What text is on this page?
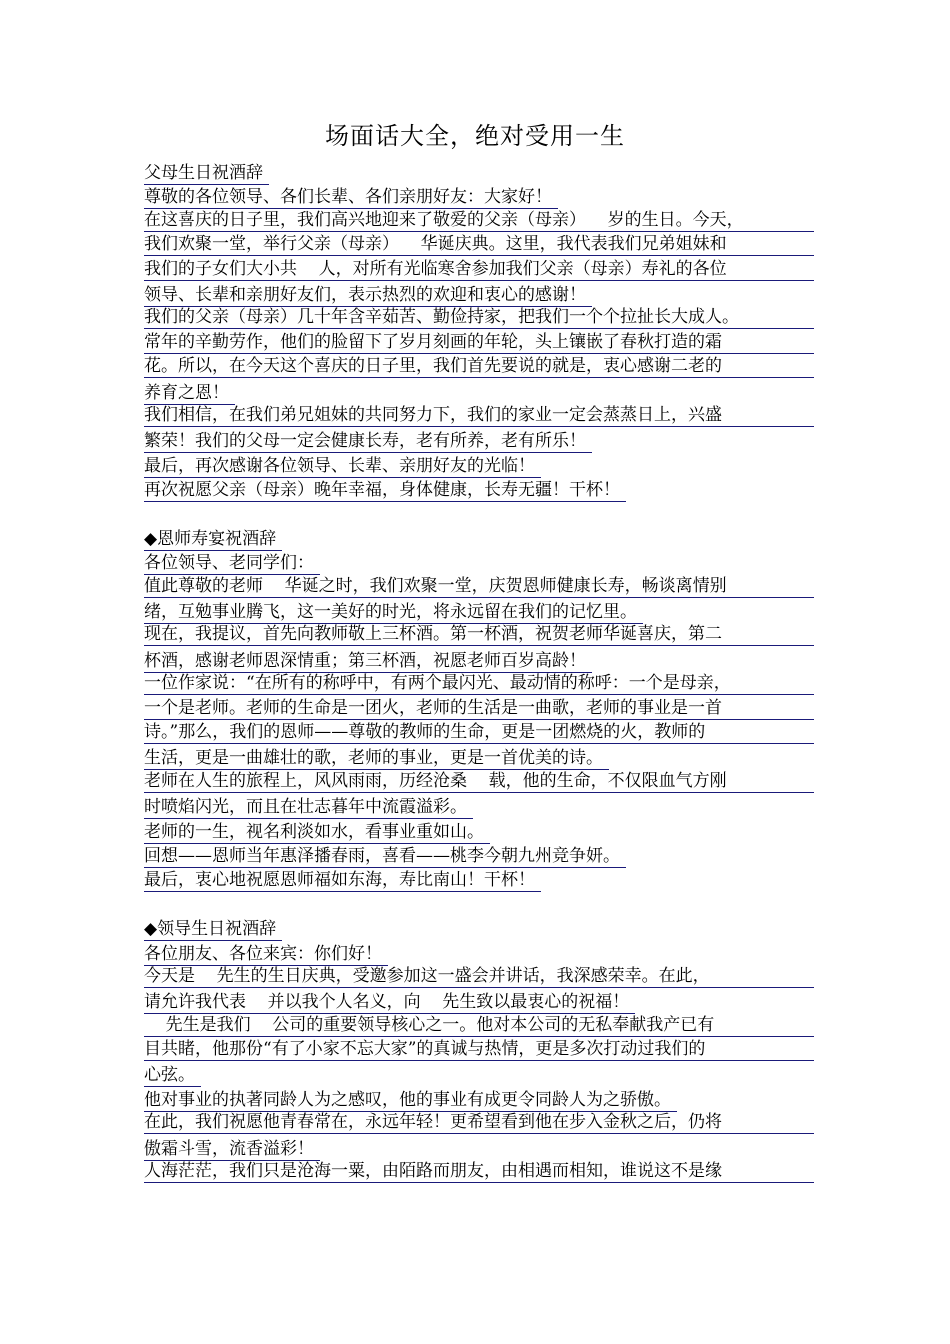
场面话大全，绝对受用一生
父母生日祝酒辞
尊敬的各位领导、各们长辈、各们亲朋好友：大家好！
在这喜庆的日子里，我们高兴地迎来了敬爱的父亲（母亲）    岁的生日。今天，
我们欢聚一堂，举行父亲（母亲）    华诞庆典。这里，我代表我们兄弟姐妹和
我们的子女们大小共    人，对所有光临寒舍参加我们父亲（母亲）寿礼的各位
领导、长辈和亲朋好友们，表示热烈的欢迎和衷心的感谢！
我们的父亲（母亲）几十年含辛茹苦、勤俭持家，把我们一个个拉扯长大成人。
常年的辛勤劳作，他们的脸留下了岁月刻画的年轮，头上镶嵌了春秋打造的霜
花。所以，在今天这个喜庆的日子里，我们首先要说的就是，衷心感谢二老的
养育之恩！
我们相信，在我们弟兄姐妹的共同努力下，我们的家业一定会蒸蒸日上，兴盛
繁荣！我们的父母一定会健康长寿，老有所养，老有所乐！
最后，再次感谢各位领导、长辈、亲朋好友的光临！
再次祝愿父亲（母亲）晚年幸福，身体健康，长寿无疆！干杯！
◆恩师寿宴祝酒辞
各位领导、老同学们：
值此尊敬的老师    华诞之时，我们欢聚一堂，庆贺恩师健康长寿，畅谈离情别
绪，互勉事业腾飞，这一美好的时光，将永远留在我们的记忆里。
现在，我提议，首先向教师敬上三杯酒。第一杯酒，祝贺老师华诞喜庆，第二
杯酒，感谢老师恩深情重；第三杯酒，祝愿老师百岁高龄！
一位作家说：“在所有的称呼中，有两个最闪光、最动情的称呼：一个是母亲，
一个是老师。老师的生命是一团火，老师的生活是一曲歌，老师的事业是一首
诗。”那么，我们的恩师——尊敬的教师的生命，更是一团燃烧的火，教师的
生活，更是一曲雄壮的歌，老师的事业，更是一首优美的诗。
老师在人生的旅程上，风风雨雨，历经沧桑    载，他的生命，不仅限血气方刚
时喷焰闪光，而且在壮志暮年中流霞溢彩。
老师的一生，视名利淡如水，看事业重如山。
回想——恩师当年惠泽播春雨，喜看——桃李今朝九州竞争妍。
最后，衷心地祝愿恩师福如东海，寿比南山！干杯！
◆领导生日祝酒辞
各位朋友、各位来宾：你们好！
今天是    先生的生日庆典，受邀参加这一盛会并讲话，我深感荣幸。在此，
请允许我代表    并以我个人名义，向    先生致以最衷心的祝福！
先生是我们    公司的重要领导核心之一。他对本公司的无私奉献我产已有
目共睹，他那份“有了小家不忘大家”的真诚与热情，更是多次打动过我们的
心弦。
他对事业的执著同龄人为之感叹，他的事业有成更令同龄人为之骄傲。
在此，我们祝愿他青春常在，永远年轻！更希望看到他在步入金秋之后，仍将
傲霜斗雪，流香溢彩！
人海茫茫，我们只是沧海一粟，由陌路而朋友，由相遇而相知，谁说这不是缘
